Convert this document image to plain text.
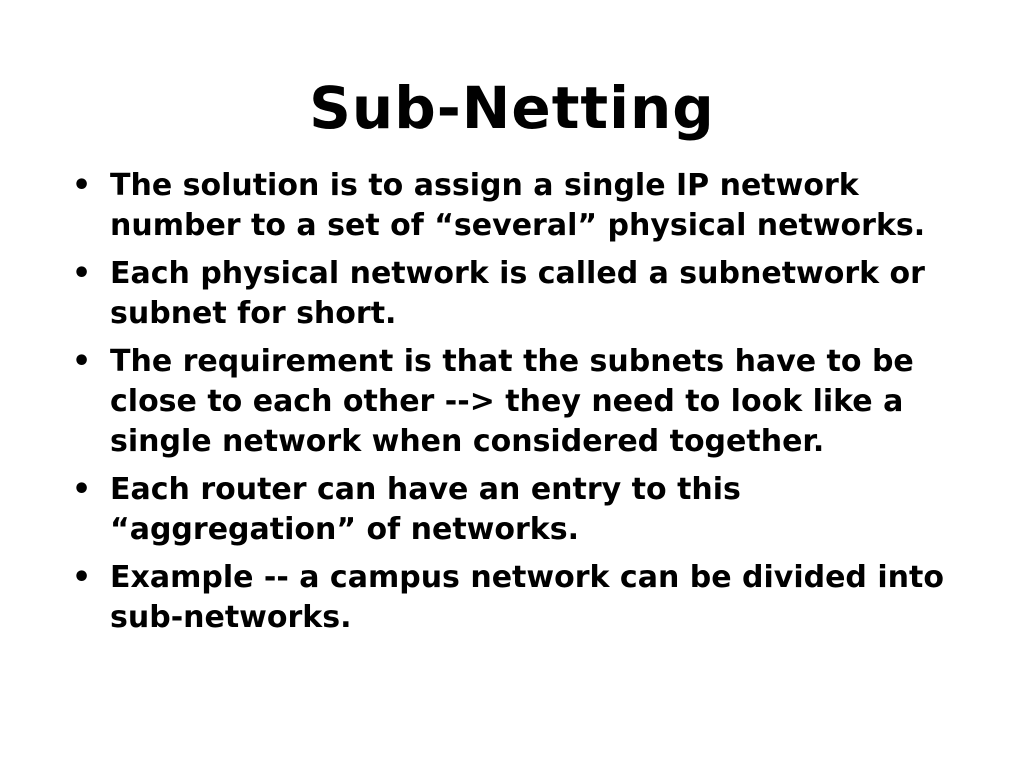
Sub-Netting
• The solution is to assign a single IP network number to a set of “several” physical networks.
• Each physical network is called a subnetwork or subnet for short.
• The requirement is that the subnets have to be close to each other --> they need to look like a single network when considered together.
• Each router can have an entry to this “aggregation” of networks.
• Example -- a campus network can be divided into sub-networks.
